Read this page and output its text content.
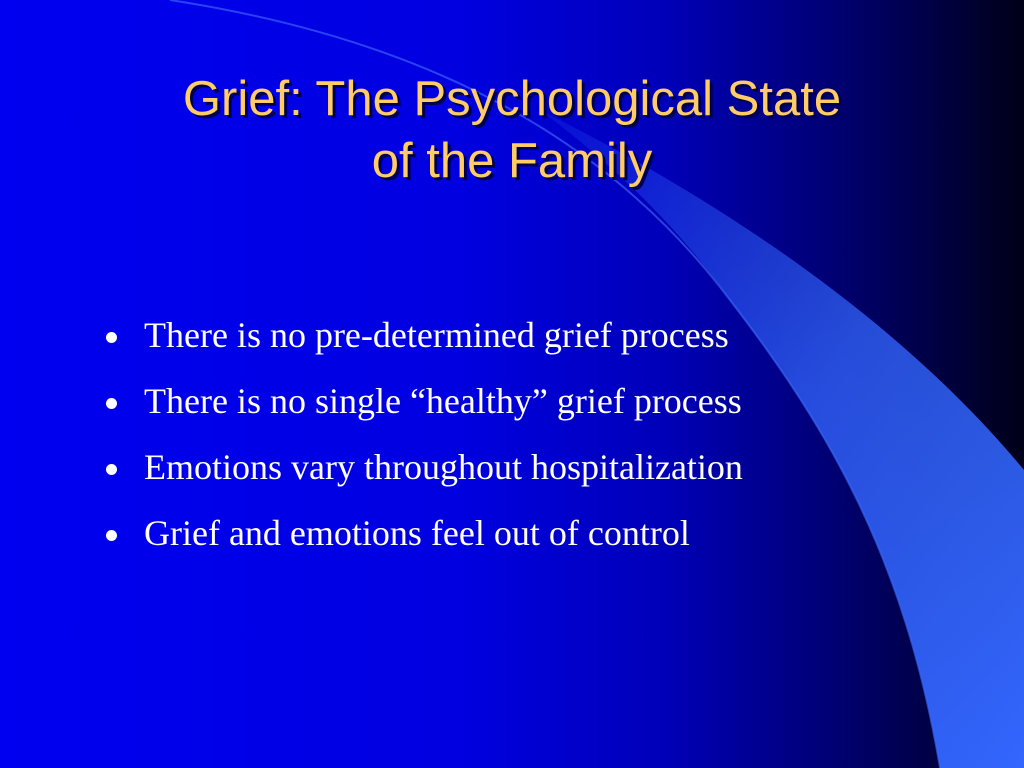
Grief: The Psychological State
of the Family
There is no pre-determined grief process
There is no single “healthy” grief process
Emotions vary throughout hospitalization
Grief and emotions feel out of control
